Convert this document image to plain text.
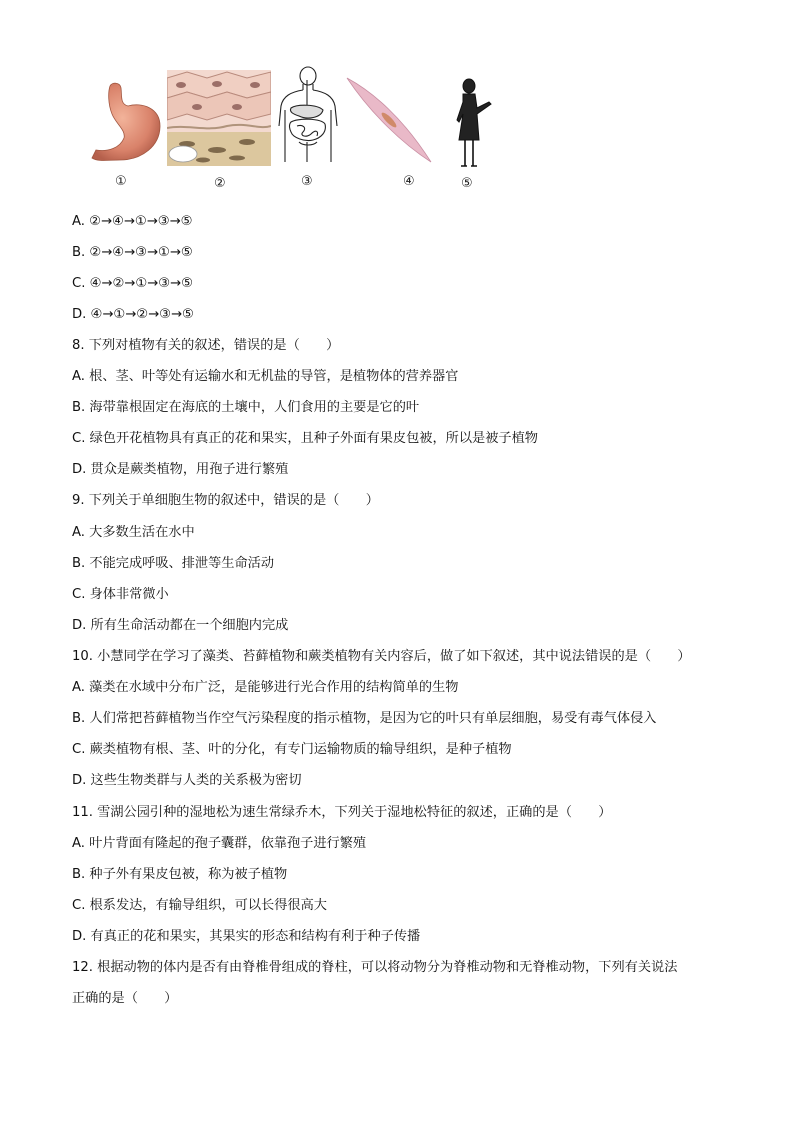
①	②	③	④	⑤
A. ②→④→①→③→⑤
B. ②→④→③→①→⑤
C. ④→②→①→③→⑤
D. ④→①→②→③→⑤
8. 下列对植物有关的叙述，错误的是（　　）
A. 根、茎、叶等处有运输水和无机盐的导管，是植物体的营养器官
B. 海带靠根固定在海底的土壤中，人们食用的主要是它的叶
C. 绿色开花植物具有真正的花和果实，且种子外面有果皮包被，所以是被子植物
D. 贯众是蕨类植物，用孢子进行繁殖
9. 下列关于单细胞生物的叙述中，错误的是（　　）
A. 大多数生活在水中
B. 不能完成呼吸、排泄等生命活动
C. 身体非常微小
D. 所有生命活动都在一个细胞内完成
10. 小慧同学在学习了藻类、苔藓植物和蕨类植物有关内容后，做了如下叙述，其中说法错误的是（　　）
A. 藻类在水域中分布广泛，是能够进行光合作用的结构简单的生物
B. 人们常把苔藓植物当作空气污染程度的指示植物，是因为它的叶只有单层细胞，易受有毒气体侵入
C. 蕨类植物有根、茎、叶的分化，有专门运输物质的输导组织，是种子植物
D. 这些生物类群与人类的关系极为密切
11. 雪湖公园引种的湿地松为速生常绿乔木，下列关于湿地松特征的叙述，正确的是（　　）
A. 叶片背面有隆起的孢子囊群，依靠孢子进行繁殖
B. 种子外有果皮包被，称为被子植物
C. 根系发达，有输导组织，可以长得很高大
D. 有真正的花和果实，其果实的形态和结构有利于种子传播
12. 根据动物的体内是否有由脊椎骨组成的脊柱，可以将动物分为脊椎动物和无脊椎动物，下列有关说法
正确的是（　　）
